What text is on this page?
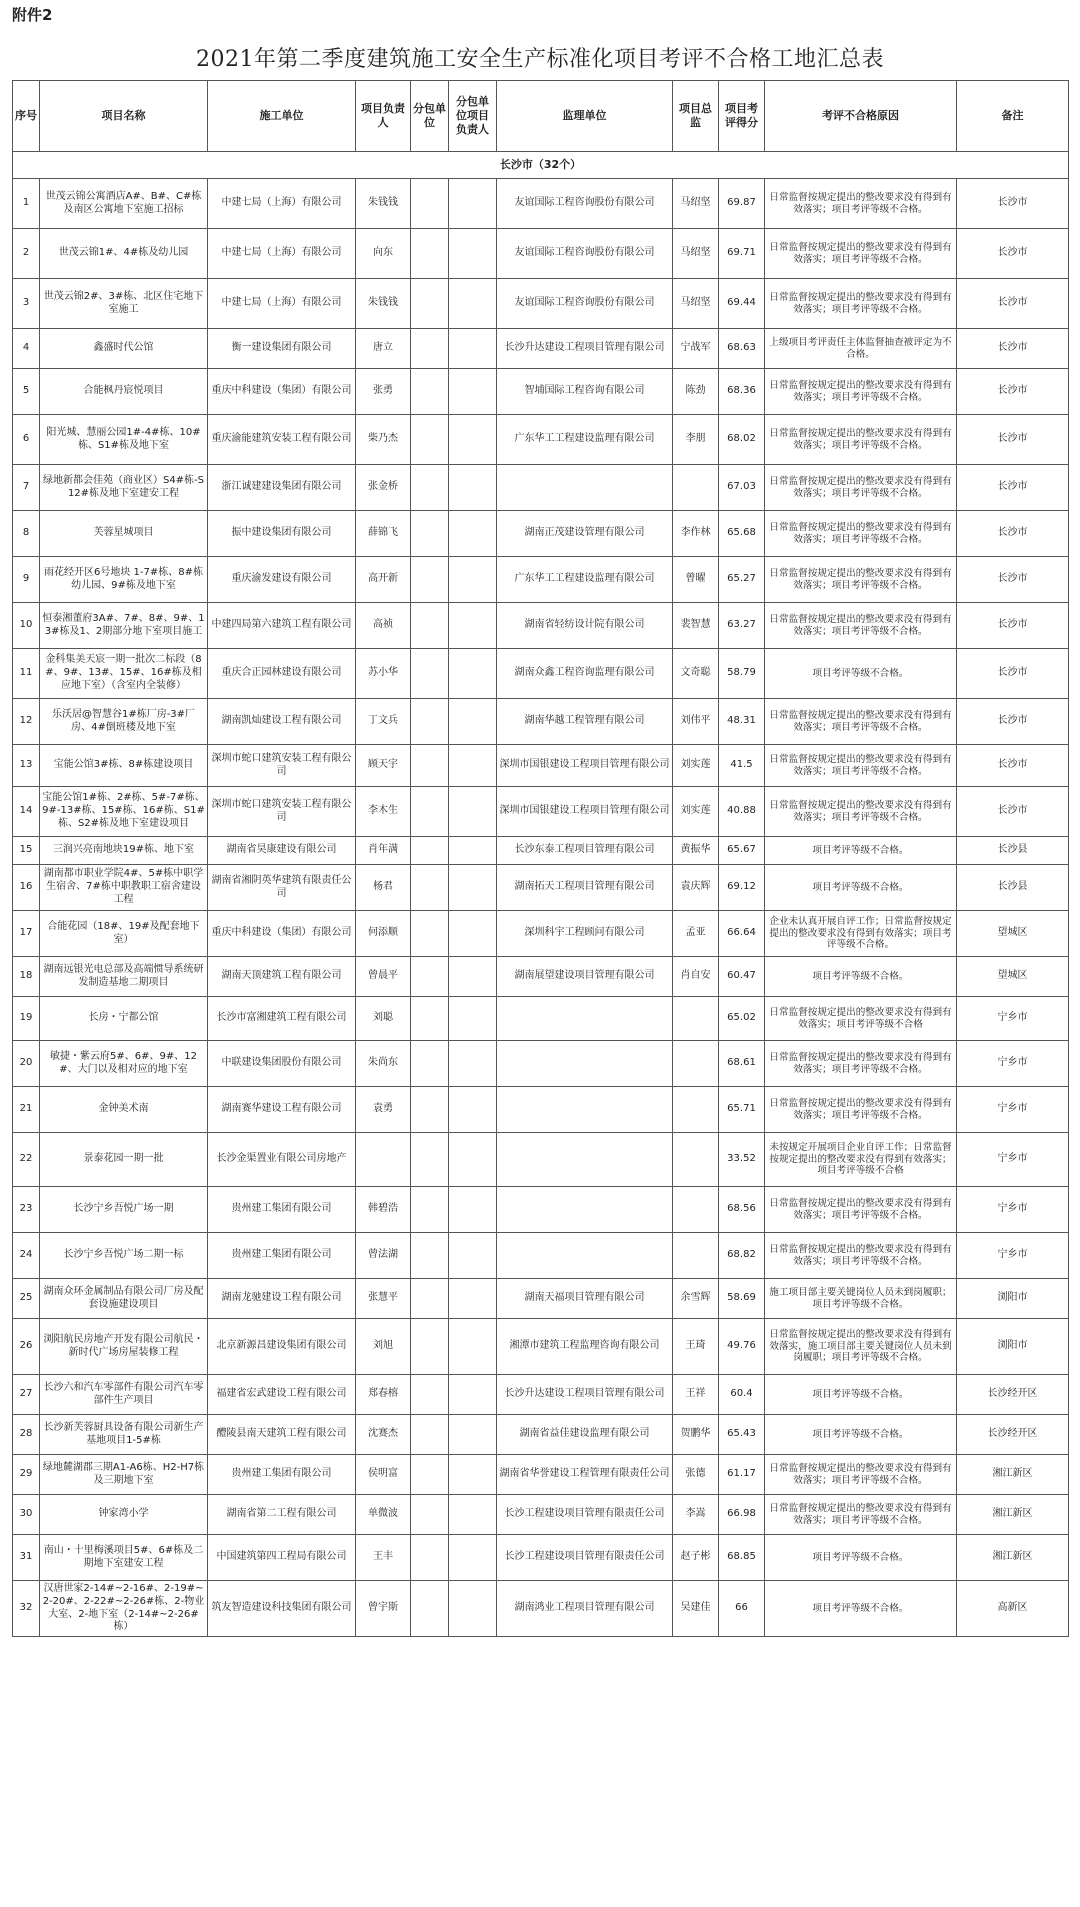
附件2
2021年第二季度建筑施工安全生产标准化项目考评不合格工地汇总表
序号	项目名称	施工单位	项目负责人	分包单位	分包单位项目负责人	监理单位	项目总监	项目考评得分	考评不合格原因	备注
长沙市（32个）										
1	世茂云锦公寓酒店A#、B#、C#栋及南区公寓地下室施工招标	中建七局（上海）有限公司	朱钱钱			友谊国际工程咨询股份有限公司	马绍坚	69.87	日常监督按规定提出的整改要求没有得到有效落实；项目考评等级不合格。	长沙市
2	世茂云锦1#、4#栋及幼儿园	中建七局（上海）有限公司	向东			友谊国际工程咨询股份有限公司	马绍坚	69.71	日常监督按规定提出的整改要求没有得到有效落实；项目考评等级不合格。	长沙市
3	世茂云锦2#、3#栋、北区住宅地下室施工	中建七局（上海）有限公司	朱钱钱			友谊国际工程咨询股份有限公司	马绍坚	69.44	日常监督按规定提出的整改要求没有得到有效落实；项目考评等级不合格。	长沙市
4	鑫盛时代公馆	衡一建设集团有限公司	唐立			长沙升达建设工程项目管理有限公司	宁战军	68.63	上级项目考评责任主体监督抽查被评定为不合格。	长沙市
5	合能枫丹宸悦项目	重庆中科建设（集团）有限公司	张勇			智埔国际工程咨询有限公司	陈劲	68.36	日常监督按规定提出的整改要求没有得到有效落实；项目考评等级不合格。	长沙市
6	阳光城、慧丽公园1#-4#栋、10#栋、S1#栋及地下室	重庆渝能建筑安装工程有限公司	柴乃杰			广东华工工程建设监理有限公司	李朋	68.02	日常监督按规定提出的整改要求没有得到有效落实；项目考评等级不合格。	长沙市
7	绿地新都会佳苑（商业区）S4#栋-S12#栋及地下室建安工程	浙江诚建建设集团有限公司	张金桥					67.03	日常监督按规定提出的整改要求没有得到有效落实；项目考评等级不合格。	长沙市
8	芙蓉星城项目	振中建设集团有限公司	薛锦飞			湖南正茂建设管理有限公司	李作林	65.68	日常监督按规定提出的整改要求没有得到有效落实；项目考评等级不合格。	长沙市
9	雨花经开区6号地块 1-7#栋、8#栋幼儿园、9#栋及地下室	重庆渝发建设有限公司	高开新			广东华工工程建设监理有限公司	曾曜	65.27	日常监督按规定提出的整改要求没有得到有效落实；项目考评等级不合格。	长沙市
10	恒泰湘董府3A#、7#、8#、9#、13#栋及1、2期部分地下室项目施工	中建四局第六建筑工程有限公司	高祯			湖南省轻纺设计院有限公司	裴智慧	63.27	日常监督按规定提出的整改要求没有得到有效落实；项目考评等级不合格。	长沙市
11	金科集美天宸一期一批次二标段（8#、9#、13#、15#、16#栋及相应地下室）（含室内全装修）	重庆合正园林建设有限公司	苏小华			湖南众鑫工程咨询监理有限公司	文奇聪	58.79	项目考评等级不合格。	长沙市
12	乐沃居@智慧谷1#栋厂房-3#厂房、4#倒班楼及地下室	湖南凯灿建设工程有限公司	丁文兵			湖南华越工程管理有限公司	刘伟平	48.31	日常监督按规定提出的整改要求没有得到有效落实；项目考评等级不合格。	长沙市
13	宝能公馆3#栋、8#栋建设项目	深圳市蛇口建筑安装工程有限公司	顾天宇			深圳市国银建设工程项目管理有限公司	刘实莲	41.5	日常监督按规定提出的整改要求没有得到有效落实；项目考评等级不合格。	长沙市
14	宝能公馆1#栋、2#栋、5#-7#栋、9#-13#栋、15#栋、16#栋、S1#栋、S2#栋及地下室建设项目	深圳市蛇口建筑安装工程有限公司	李木生			深圳市国银建设工程项目管理有限公司	刘实莲	40.88	日常监督按规定提出的整改要求没有得到有效落实；项目考评等级不合格。	长沙市
15	三润兴亮南地块19#栋、地下室	湖南省昊康建设有限公司	肖年满			长沙东泰工程项目管理有限公司	黄振华	65.67	项目考评等级不合格。	长沙县
16	湖南都市职业学院4#、5#栋中职学生宿舍、7#栋中职教职工宿舍建设工程	湖南省湘阴英华建筑有限责任公司	杨君			湖南拓天工程项目管理有限公司	袁庆辉	69.12	项目考评等级不合格。	长沙县
17	合能花园（18#、19#及配套地下室）	重庆中科建设（集团）有限公司	何添顺			深圳科宇工程顾问有限公司	孟亚	66.64	企业未认真开展自评工作；日常监督按规定提出的整改要求没有得到有效落实；项目考评等级不合格。	望城区
18	湖南远银光电总部及高端惯导系统研发制造基地二期项目	湖南天顶建筑工程有限公司	曾晨平			湖南展望建设项目管理有限公司	肖自安	60.47	项目考评等级不合格。	望城区
19	长房・宁都公馆	长沙市富湘建筑工程有限公司	刘聪					65.02	日常监督按规定提出的整改要求没有得到有效落实；项目考评等级不合格	宁乡市
20	敏捷・紫云府5#、6#、9#、12#、大门以及相对应的地下室	中联建设集团股份有限公司	朱尚东					68.61	日常监督按规定提出的整改要求没有得到有效落实；项目考评等级不合格。	宁乡市
21	金钟美术南	湖南赛华建设工程有限公司	袁勇					65.71	日常监督按规定提出的整改要求没有得到有效落实；项目考评等级不合格。	宁乡市
22	景泰花园一期一批	长沙金渠置业有限公司房地产						33.52	未按规定开展项目企业自评工作；日常监督按规定提出的整改要求没有得到有效落实；项目考评等级不合格	宁乡市
23	长沙宁乡吾悦广场一期	贵州建工集团有限公司	韩碧浩					68.56	日常监督按规定提出的整改要求没有得到有效落实；项目考评等级不合格。	宁乡市
24	长沙宁乡吾悦广场二期一标	贵州建工集团有限公司	曾法湖					68.82	日常监督按规定提出的整改要求没有得到有效落实；项目考评等级不合格。	宁乡市
25	湖南众环金属制品有限公司厂房及配套设施建设项目	湖南龙驰建设工程有限公司	张慧平			湖南天福项目管理有限公司	余雪辉	58.69	施工项目部主要关键岗位人员未到岗履职；项目考评等级不合格。	浏阳市
26	浏阳航民房地产开发有限公司航民・新时代广场房屋装修工程	北京新源昌建设集团有限公司	刘旭			湘潭市建筑工程监理咨询有限公司	王琦	49.76	日常监督按规定提出的整改要求没有得到有效落实，施工项目部主要关键岗位人员未到岗履职；项目考评等级不合格。	浏阳市
27	长沙六和汽车零部件有限公司汽车零部件生产项目	福建省宏武建设工程有限公司	郑春榕			长沙升达建设工程项目管理有限公司	王祥	60.4	项目考评等级不合格。	长沙经开区
28	长沙新芙蓉厨具设备有限公司新生产基地项目1-5#栋	醴陵县南天建筑工程有限公司	沈赛杰			湖南省益佳建设监理有限公司	贺鹏华	65.43	项目考评等级不合格。	长沙经开区
29	绿地麓湖郡三期A1-A6栋、H2-H7栋及三期地下室	贵州建工集团有限公司	侯明富			湖南省华誉建设工程管理有限责任公司	张德	61.17	日常监督按规定提出的整改要求没有得到有效落实；项目考评等级不合格。	湘江新区
30	钟家湾小学	湖南省第二工程有限公司	单微波			长沙工程建设项目管理有限责任公司	李嵩	66.98	日常监督按规定提出的整改要求没有得到有效落实；项目考评等级不合格。	湘江新区
31	南山・十里梅溪项目5#、6#栋及二期地下室建安工程	中国建筑第四工程局有限公司	王丰			长沙工程建设项目管理有限责任公司	赵子彬	68.85	项目考评等级不合格。	湘江新区
32	汉唐世家2-14#~2-16#、2-19#~2-20#、2-22#~2-26#栋、2-物业大室、2-地下室（2-14#~2-26#栋）	筑友智造建设科技集团有限公司	曾宇斯			湖南鸿业工程项目管理有限公司	吴建佳	66	项目考评等级不合格。	高新区
